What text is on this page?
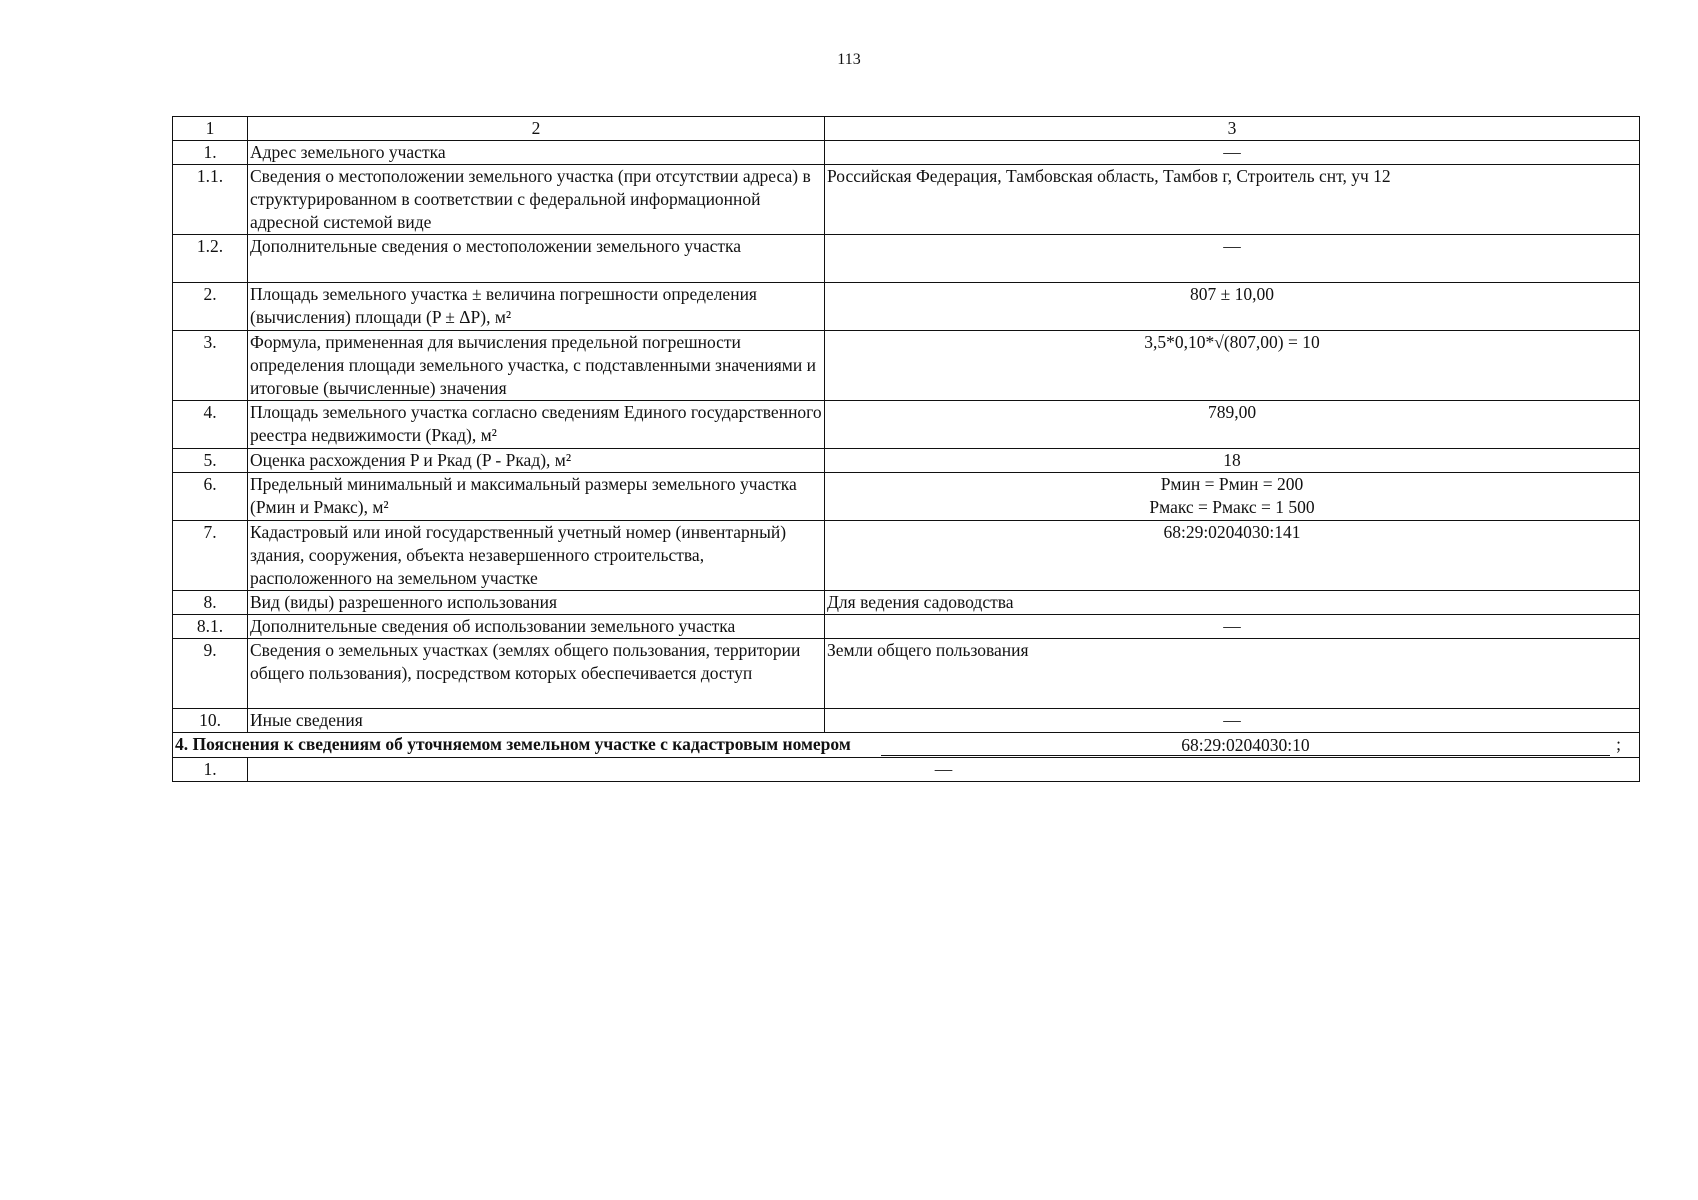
113
1	2	3
1.	Адрес земельного участка	—
1.1.	Сведения о местоположении земельного участка (при отсутствии адреса) в структурированном в соответствии с федеральной информационной адресной системой виде	Российская Федерация, Тамбовская область, Тамбов г, Строитель снт, уч 12
1.2.	Дополнительные сведения о местоположении земельного участка	—
2.	Площадь земельного участка ± величина погрешности определения (вычисления) площади (P ± ΔP), м²	807 ± 10,00
3.	Формула, примененная для вычисления предельной погрешности определения площади земельного участка, с подставленными значениями и итоговые (вычисленные) значения	3,5*0,10*√(807,00) = 10
4.	Площадь земельного участка согласно сведениям Единого государственного реестра недвижимости (Pкад), м²	789,00
5.	Оценка расхождения P и Pкад (P - Pкад), м²	18
6.	Предельный минимальный и максимальный размеры земельного участка (Pмин и Pмакс), м²	Pмин = Pмин = 200
Pмакс = Pмакс = 1 500

7.	Кадастровый или иной государственный учетный номер (инвентарный) здания, сооружения, объекта незавершенного строительства, расположенного на земельном участке	68:29:0204030:141
8.	Вид (виды) разрешенного использования	Для ведения садоводства
8.1.	Дополнительные сведения об использовании земельного участка	—
9.	Сведения о земельных участках (землях общего пользования, территории общего пользования), посредством которых обеспечивается доступ	Земли общего пользования
10.	Иные сведения	—

4. Пояснения к сведениям об уточняемом земельном участке с кадастровым номером 68:29:0204030:10 ;		

1.	—	
